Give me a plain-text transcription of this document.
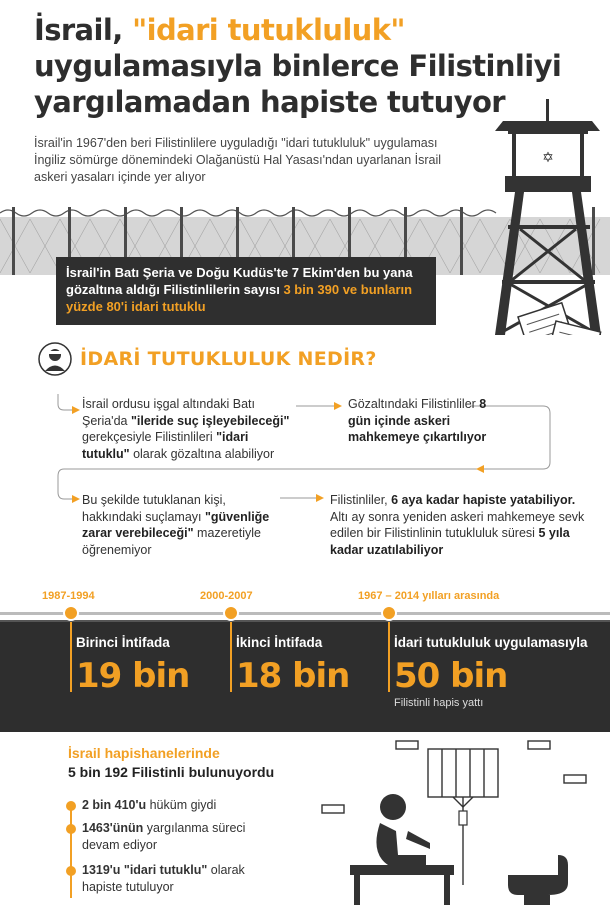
İsrail, "idari tutukluluk" uygulamasıyla binlerce Filistinliyi yargılamadan hapiste tutuyor
✡
İsrail'in 1967'den beri Filistinlilere uyguladığı "idari tutukluluk" uygulaması İngiliz sömürge dönemindeki Olağanüstü Hal Yasası'ndan uyarlanan İsrail askeri yasaları içinde yer alıyor
İsrail'in Batı Şeria ve Doğu Kudüs'te 7 Ekim'den bu yana gözaltına aldığı Filistinlilerin sayısı 3 bin 390 ve bunların yüzde 80'i idari tutuklu
İDARİ TUTUKLULUK NEDİR?
İsrail ordusu işgal altındaki Batı Şeria'da "ileride suç işleyebileceği" gerekçesiyle Filistinlileri "idari tutuklu" olarak gözaltına alabiliyor
Gözaltındaki Filistinliler 8 gün içinde askeri mahkemeye çıkartılıyor
Bu şekilde tutuklanan kişi, hakkındaki suçlamayı "güvenliğe zarar verebileceği" mazeretiyle öğrenemiyor
Filistinliler, 6 aya kadar hapiste yatabiliyor. Altı ay sonra yeniden askeri mahkemeye sevk edilen bir Filistinlinin tutukluluk süresi 5 yıla kadar uzatılabiliyor
1987-1994	2000-2007	1967 – 2014 yılları arasında
Birinci İntifada
19 bin
İkinci İntifada
18 bin
İdari tutukluluk uygulamasıyla
50 bin
Filistinli hapis yattı
İsrail hapishanelerinde
5 bin 192 Filistinli bulunuyordu
2 bin 410'u hüküm giydi
1463'ünün yargılanma süreci devam ediyor
1319'u "idari tutuklu" olarak hapiste tutuluyor
